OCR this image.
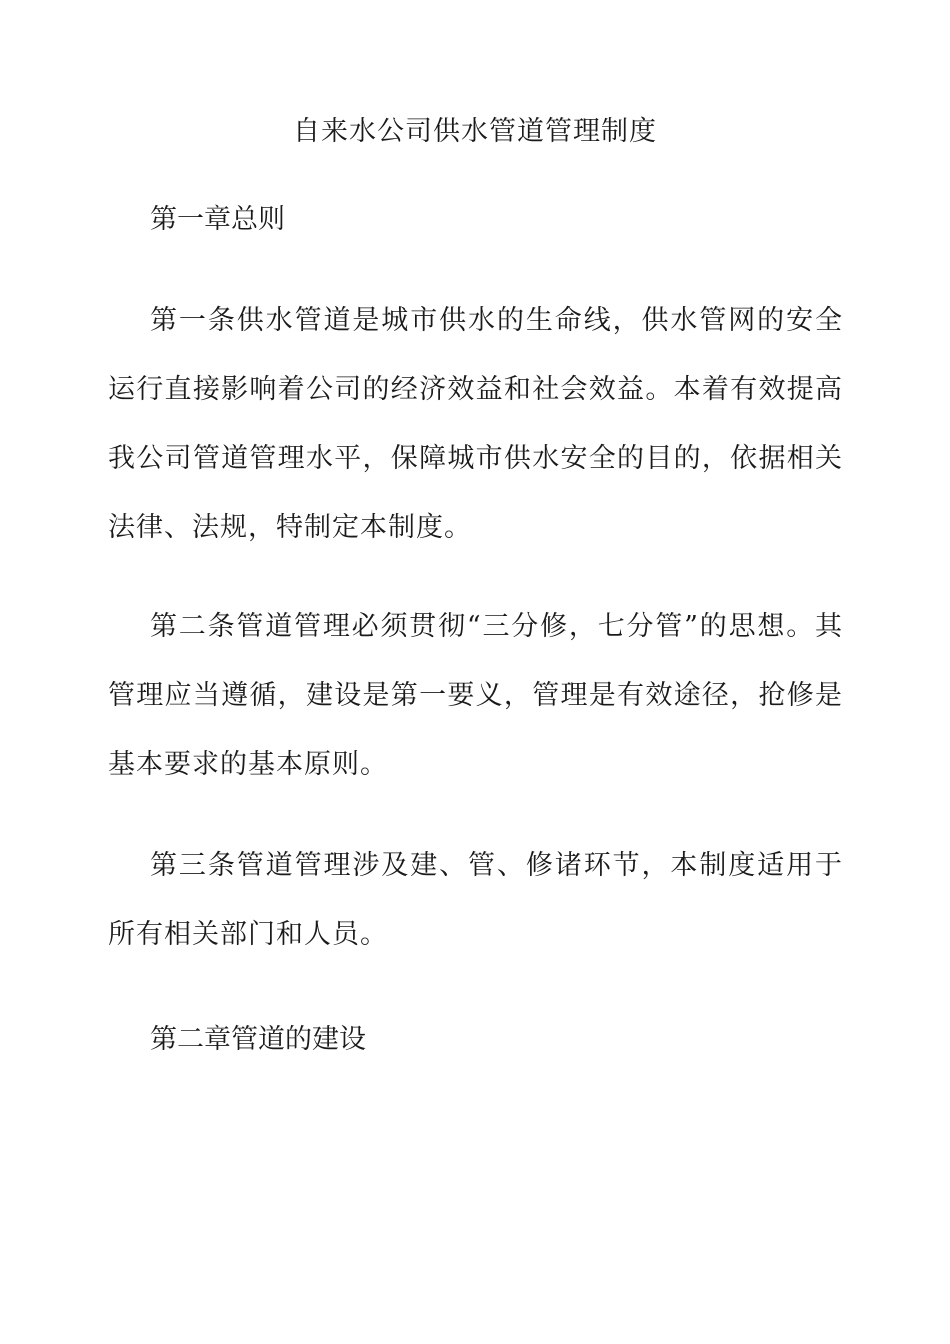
自来水公司供水管道管理制度
第一章总则

第一条供水管道是城市供水的生命线，供水管网的安全运行直接影响着公司的经济效益和社会效益。本着有效提高我公司管道管理水平，保障城市供水安全的目的，依据相关法律、法规，特制定本制度。

第二条管道管理必须贯彻“三分修，七分管”的思想。其管理应当遵循，建设是第一要义，管理是有效途径，抢修是基本要求的基本原则。

第三条管道管理涉及建、管、修诸环节，本制度适用于所有相关部门和人员。

第二章管道的建设
